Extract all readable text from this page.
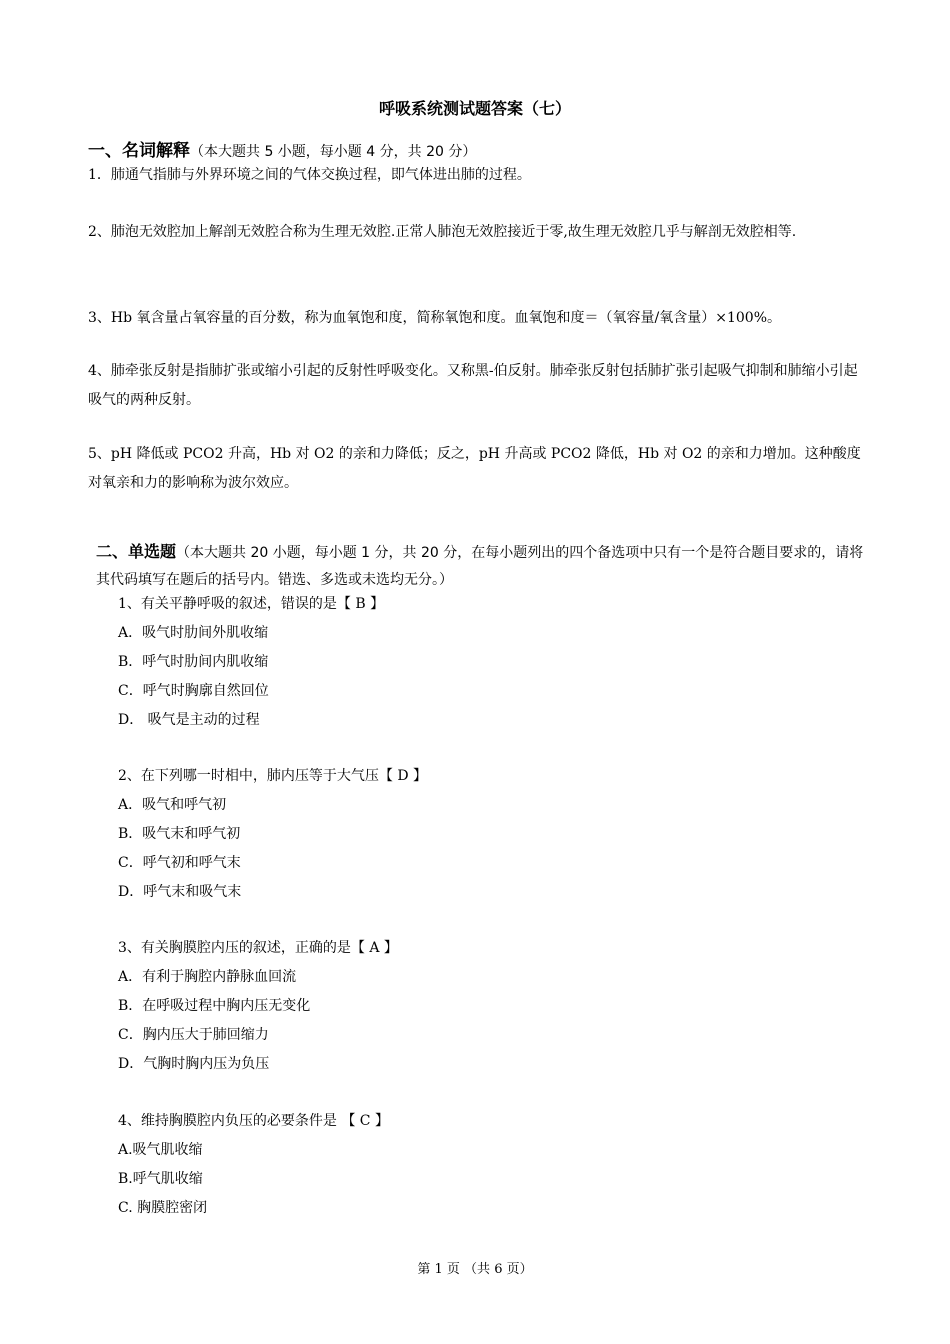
呼吸系统测试题答案（七）
一、名词解释（本大题共 5 小题，每小题 4 分，共 20 分）
1．肺通气指肺与外界环境之间的气体交换过程，即气体进出肺的过程。
2、肺泡无效腔加上解剖无效腔合称为生理无效腔.正常人肺泡无效腔接近于零,故生理无效腔几乎与解剖无效腔相等.
3、Hb 氧含量占氧容量的百分数，称为血氧饱和度，简称氧饱和度。血氧饱和度＝（氧容量/氧含量）×100%。
4、肺牵张反射是指肺扩张或缩小引起的反射性呼吸变化。又称黑-伯反射。肺牵张反射包括肺扩张引起吸气抑制和肺缩小引起吸气的两种反射。
5、pH 降低或 PCO2 升高，Hb 对 O2 的亲和力降低；反之，pH 升高或 PCO2 降低，Hb 对 O2 的亲和力增加。这种酸度对氧亲和力的影响称为波尔效应。
二、单选题（本大题共 20 小题，每小题 1 分，共 20 分，在每小题列出的四个备选项中只有一个是符合题目要求的，请将其代码填写在题后的括号内。错选、多选或未选均无分。）
1、有关平静呼吸的叙述，错误的是【 B 】
A．吸气时肋间外肌收缩
B．呼气时肋间内肌收缩
C．呼气时胸廓自然回位
D． 吸气是主动的过程
2、在下列哪一时相中，肺内压等于大气压【 D 】
A．吸气和呼气初
B．吸气末和呼气初
C．呼气初和呼气末
D．呼气末和吸气末
3、有关胸膜腔内压的叙述，正确的是【 A 】
A．有利于胸腔内静脉血回流
B．在呼吸过程中胸内压无变化
C．胸内压大于肺回缩力
D．气胸时胸内压为负压
4、维持胸膜腔内负压的必要条件是 【 C 】
A.吸气肌收缩
B.呼气肌收缩
C. 胸膜腔密闭
第 1 页 （共 6 页）
